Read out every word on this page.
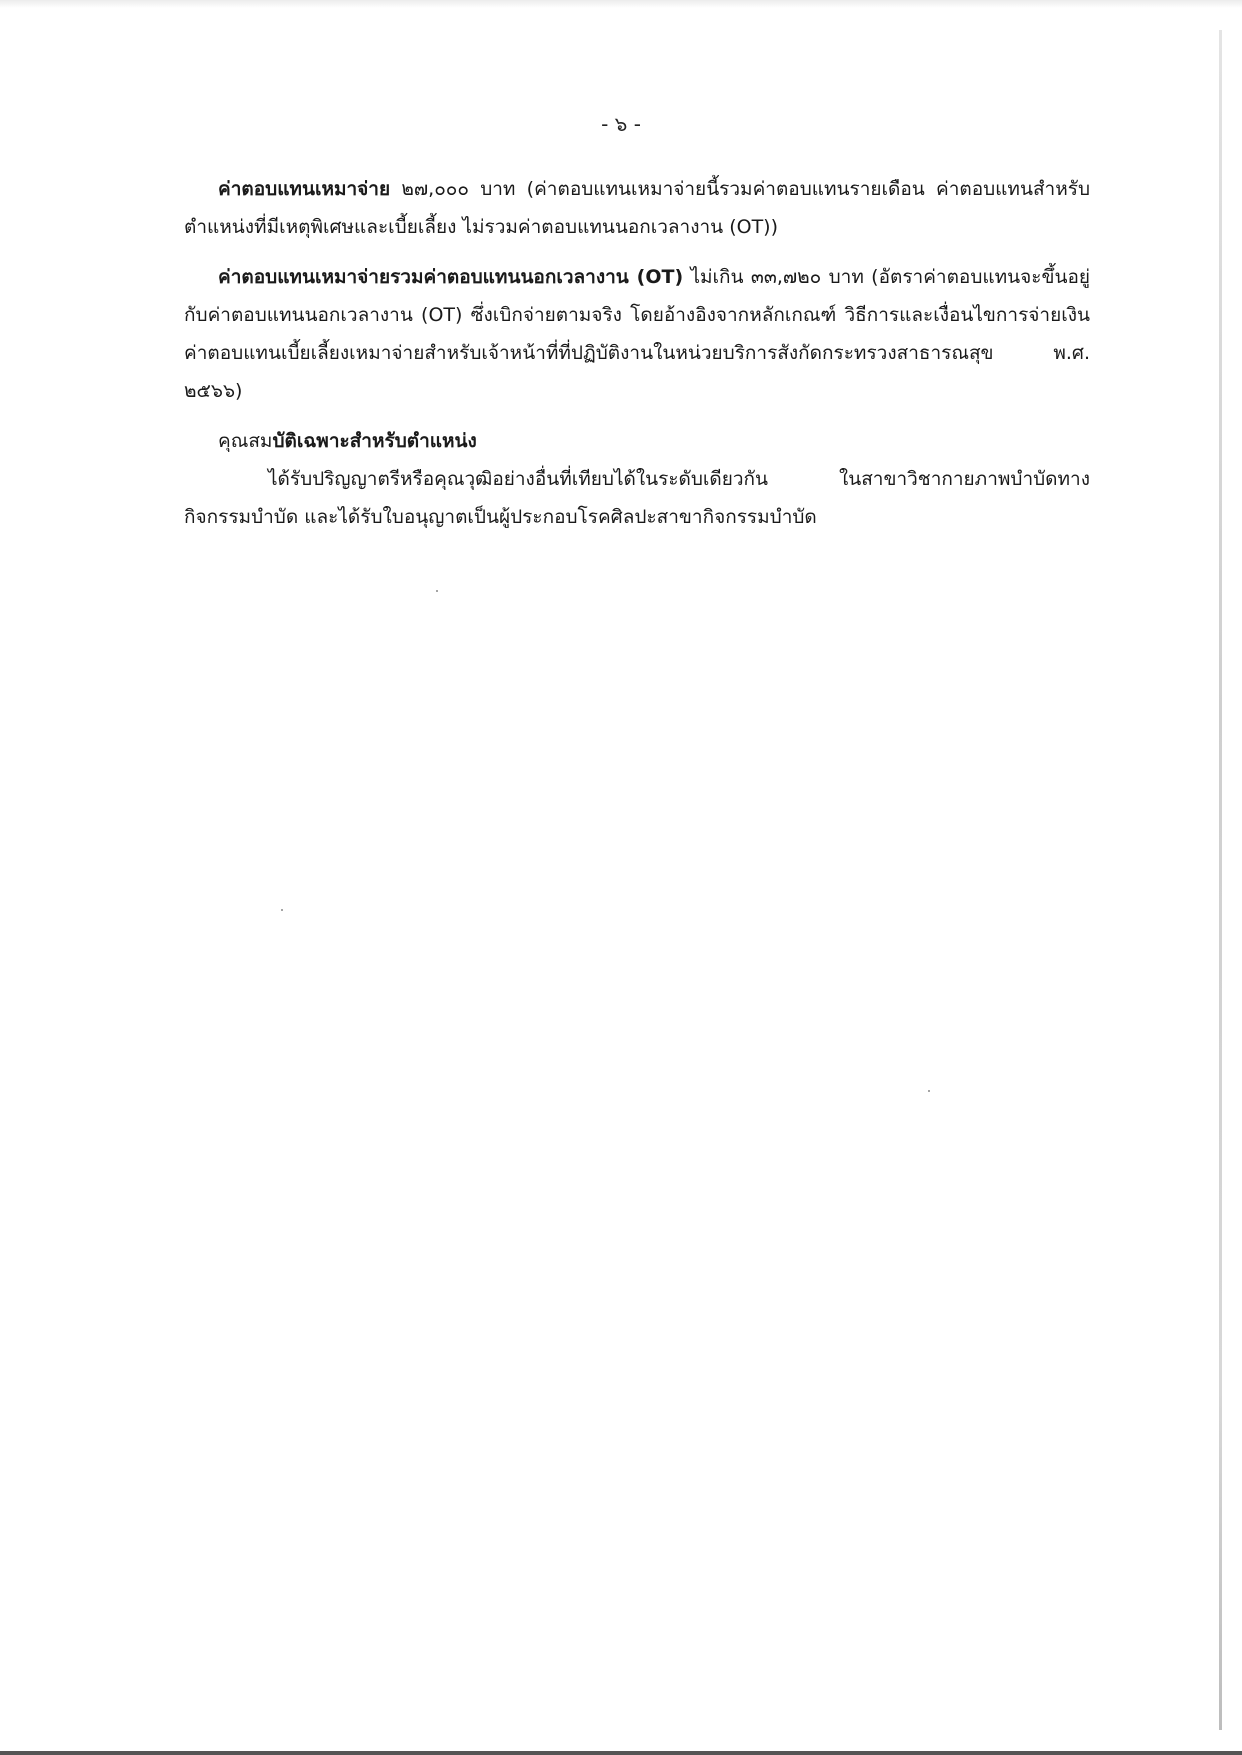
- ๖ -

ค่าตอบแทนเหมาจ่าย ๒๗,๐๐๐ บาท (ค่าตอบแทนเหมาจ่ายนี้รวมค่าตอบแทนรายเดือน ค่าตอบแทนสำหรับตำแหน่งที่มีเหตุพิเศษและเบี้ยเลี้ยง ไม่รวมค่าตอบแทนนอกเวลางาน (OT))

ค่าตอบแทนเหมาจ่ายรวมค่าตอบแทนนอกเวลางาน (OT) ไม่เกิน ๓๓,๗๒๐ บาท (อัตราค่าตอบแทนจะขึ้นอยู่กับค่าตอบแทนนอกเวลางาน (OT) ซึ่งเบิกจ่ายตามจริง โดยอ้างอิงจากหลักเกณฑ์ วิธีการและเงื่อนไขการจ่ายเงินค่าตอบแทนเบี้ยเลี้ยงเหมาจ่ายสำหรับเจ้าหน้าที่ที่ปฏิบัติงานในหน่วยบริการสังกัดกระทรวงสาธารณสุข พ.ศ. ๒๕๖๖)

คุณสมบัติเฉพาะสำหรับตำแหน่ง

ได้รับปริญญาตรีหรือคุณวุฒิอย่างอื่นที่เทียบได้ในระดับเดียวกัน ในสาขาวิชากายภาพบำบัดทางกิจกรรมบำบัด และได้รับใบอนุญาตเป็นผู้ประกอบโรคศิลปะสาขากิจกรรมบำบัด
